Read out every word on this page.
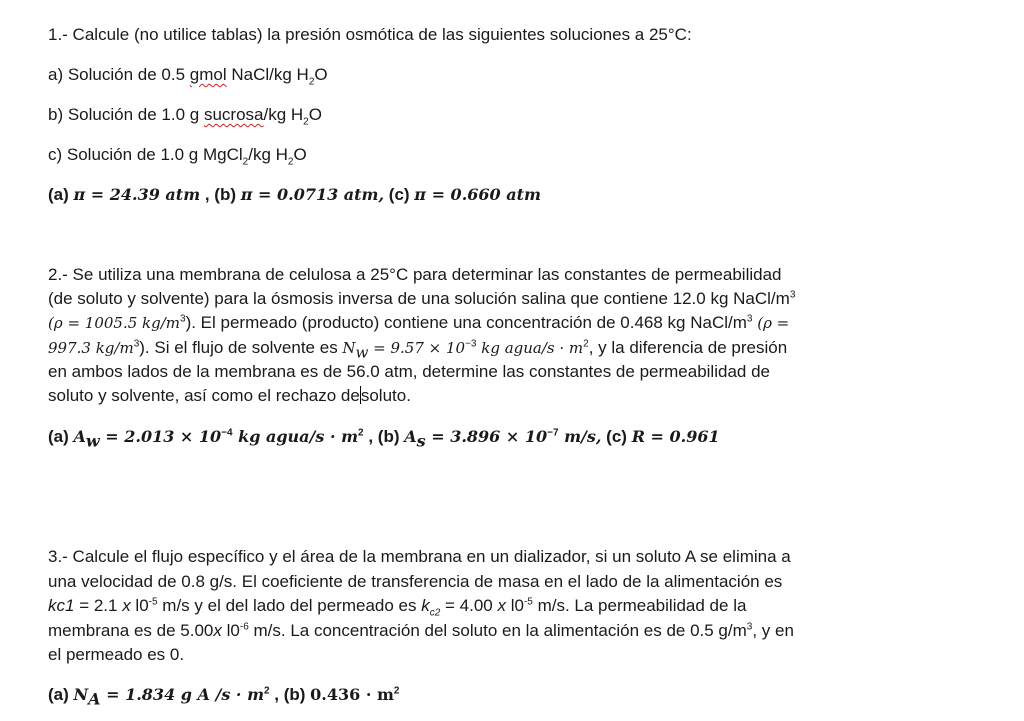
1.- Calcule (no utilice tablas) la presión osmótica de las siguientes soluciones a 25°C:
a) Solución de 0.5 gmol NaCl/kg $H_2O$
b) Solución de 1.0 g sucrosa/kg $H_2O$
c) Solución de 1.0 g MgCl$_2$/kg $H_2O$
(a) π = 24.39 atm , (b) π = 0.0713 atm, (c) π = 0.660 atm
2.- Se utiliza una membrana de celulosa a 25°C para determinar las constantes de permeabilidad
(de soluto y solvente) para la ósmosis inversa de una solución salina que contiene 12.0 kg NaCl/$m^3$
(ρ = 1005.5 $kg/m^3$). El permeado (producto) contiene una concentración de 0.468 kg NaCl/$m^3$ (ρ =
997.3 $kg/m^3$). Si el flujo de solvente es $N_w = 9.57 \times 10^{-3}$ kg agua/s · $m^2$, y la diferencia de presión
en ambos lados de la membrana es de 56.0 atm, determine las constantes de permeabilidad de
soluto y solvente, así como el rechazo desoluto.
(a) $A_w = 2.013 \times 10^{-4}$ kg agua/s · $m^2$ , (b) $A_s = 3.896 \times 10^{-7}$ m/s, (c) R = 0.961
3.- Calcule el flujo específico y el área de la membrana en un dializador, si un soluto A se elimina a
una velocidad de 0.8 g/s. El coeficiente de transferencia de masa en el lado de la alimentación es
kc1 = 2.1 x $l0^{-5}$ m/s y el del lado del permeado es $k_{c2} = 4.00$ x $l0^{-5}$ m/s. La permeabilidad de la
membrana es de 5.00x $l0^{-6}$ m/s. La concentración del soluto en la alimentación es de 0.5 $g/m^3$, y en
el permeado es 0.
(a) $N_A = 1.834$ g A $/s \cdot m^2$ , (b) $0.436 \cdot m^2$
